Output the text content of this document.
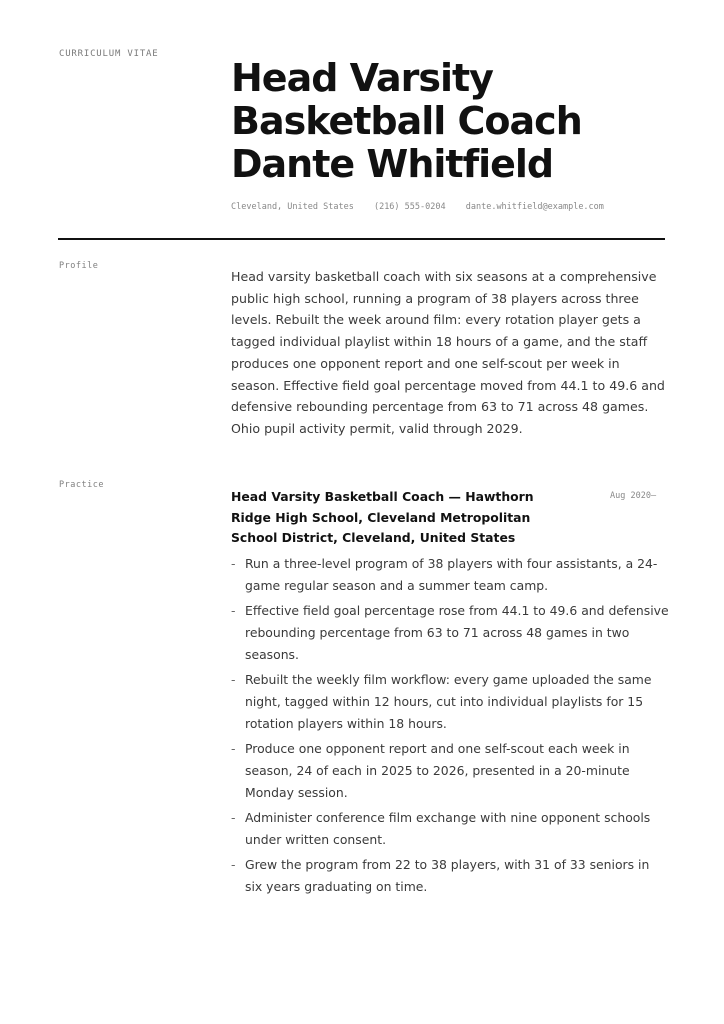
CURRICULUM VITAE
Head Varsity
Basketball Coach
Dante Whitfield
Cleveland, United States (216) 555-0204 dante.whitfield@example.com
Profile

Head varsity basketball coach with six seasons at a comprehensive public high school, running a program of 38 players across three levels. Rebuilt the week around film: every rotation player gets a tagged individual playlist within 18 hours of a game, and the staff produces one opponent report and one self-scout per week in season. Effective field goal percentage moved from 44.1 to 49.6 and defensive rebounding percentage from 63 to 71 across 48 games. Ohio pupil activity permit, valid through 2029.

Practice
Head Varsity Basketball Coach — Hawthorn Ridge High School, Cleveland Metropolitan School District, Cleveland, United States
Aug 2020–
- Run a three-level program of 38 players with four assistants, a 24-game regular season and a summer team camp.
- Effective field goal percentage rose from 44.1 to 49.6 and defensive rebounding percentage from 63 to 71 across 48 games in two seasons.
- Rebuilt the weekly film workflow: every game uploaded the same night, tagged within 12 hours, cut into individual playlists for 15 rotation players within 18 hours.
- Produce one opponent report and one self-scout each week in season, 24 of each in 2025 to 2026, presented in a 20-minute Monday session.
- Administer conference film exchange with nine opponent schools under written consent.
- Grew the program from 22 to 38 players, with 31 of 33 seniors in six years graduating on time.
